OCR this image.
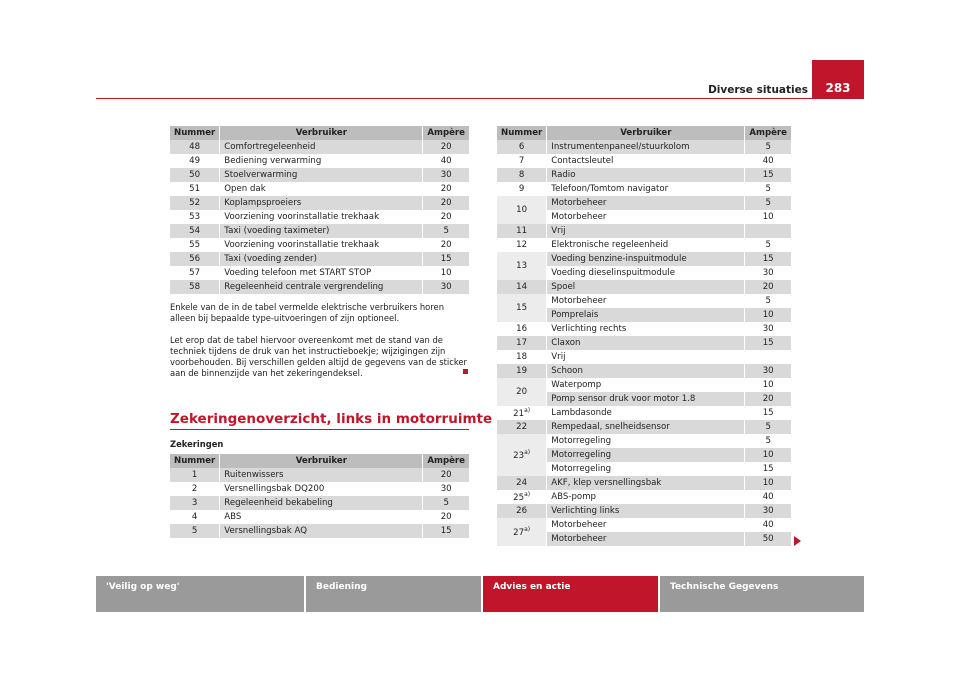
Diverse situaties	283
Nummer	Verbruiker	Ampère
48	Comfortregeleenheid	20
49	Bediening verwarming	40
50	Stoelverwarming	30
51	Open dak	20
52	Koplampsproeiers	20
53	Voorziening voorinstallatie trekhaak	20
54	Taxi (voeding taximeter)	5
55	Voorziening voorinstallatie trekhaak	20
56	Taxi (voeding zender)	15
57	Voeding telefoon met START STOP	10
58	Regeleenheid centrale vergrendeling	30
Enkele van de in de tabel vermelde elektrische verbruikers horen alleen bij bepaalde type-uitvoeringen of zijn optioneel.
Let erop dat de tabel hiervoor overeenkomt met de stand van de techniek tijdens de druk van het instructieboekje; wijzigingen zijn voorbehouden. Bij verschillen gelden altijd de gegevens van de sticker aan de binnenzijde van het zekeringendeksel.
Zekeringenoverzicht, links in motorruimte
Zekeringen
Nummer	Verbruiker	Ampère
1	Ruitenwissers	20
2	Versnellingsbak DQ200	30
3	Regeleenheid bekabeling	5
4	ABS	20
5	Versnellingsbak AQ	15
Nummer	Verbruiker	Ampère
6	Instrumentenpaneel/stuurkolom	5
7	Contactsleutel	40
8	Radio	15
9	Telefoon/Tomtom navigator	5
10	Motorbeheer	5
	Motorbeheer	10
11	Vrij	
12	Elektronische regeleenheid	5
13	Voeding benzine-inspuitmodule	15
	Voeding dieselinspuitmodule	30
14	Spoel	20
15	Motorbeheer	5
	Pomprelais	10
16	Verlichting rechts	30
17	Claxon	15
18	Vrij	
19	Schoon	30
20	Waterpomp	10
	Pomp sensor druk voor motor 1.8	20
21$^{a)}$	Lambdasonde	15
22	Rempedaal, snelheidsensor	5
23$^{a)}$	Motorregeling	5
	Motorregeling	10
	Motorregeling	15
24	AKF, klep versnellingsbak	10
25$^{a)}$	ABS-pomp	40
26	Verlichting links	30
27$^{a)}$	Motorbeheer	40
	Motorbeheer	50
'Veilig op weg'	Bediening	Advies en actie	Technische Gegevens
